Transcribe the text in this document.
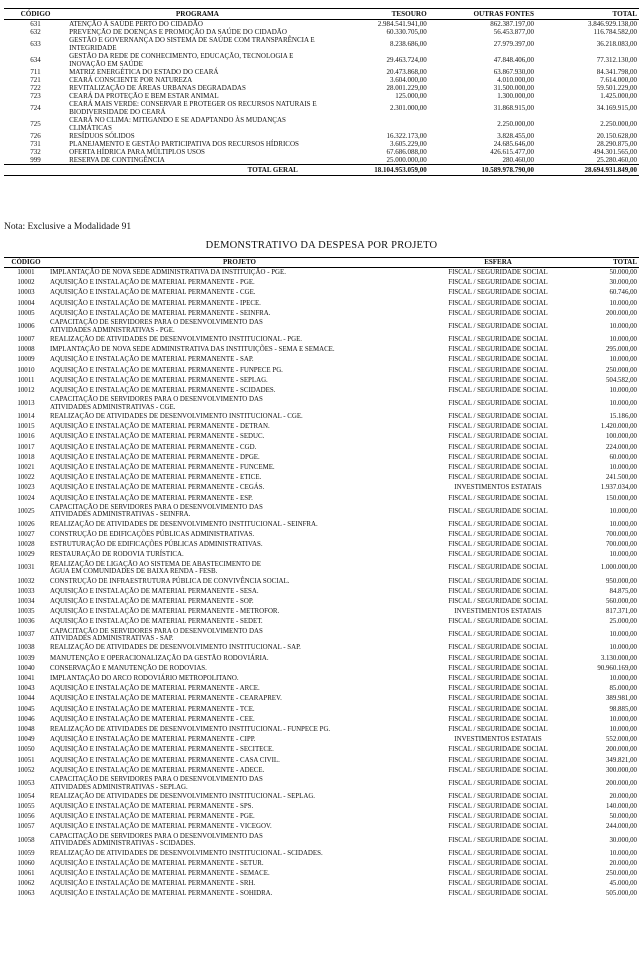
CÓDIGO	PROGRAMA	TESOURO	OUTRAS FONTES	TOTAL
631	ATENÇÃO À SAÚDE PERTO DO CIDADÃO	2.984.541.941,00	862.387.197,00	3.846.929.138,00
632	PREVENÇÃO DE DOENÇAS E PROMOÇÃO DA SAÚDE DO CIDADÃO	60.330.705,00	56.453.877,00	116.784.582,00
633	GESTÃO E GOVERNANÇA DO SISTEMA DE SAÚDE COM TRANSPARÊNCIA E INTEGRIDADE	8.238.686,00	27.979.397,00	36.218.083,00
634	GESTÃO DA REDE DE CONHECIMENTO, EDUCAÇÃO, TECNOLOGIA E INOVAÇÃO EM SAÚDE	29.463.724,00	47.848.406,00	77.312.130,00
711	MATRIZ ENERGÉTICA DO ESTADO DO CEARÁ	20.473.868,00	63.867.930,00	84.341.798,00
721	CEARÁ CONSCIENTE POR NATUREZA	3.604.000,00	4.010.000,00	7.614.000,00
722	REVITALIZAÇÃO DE ÁREAS URBANAS DEGRADADAS	28.001.229,00	31.500.000,00	59.501.229,00
723	CEARÁ DA PROTEÇÃO E BEM ESTAR ANIMAL	125.000,00	1.300.000,00	1.425.000,00
724	CEARÁ MAIS VERDE: CONSERVAR E PROTEGER OS RECURSOS NATURAIS E BIODIVERSIDADE DO CEARÁ	2.301.000,00	31.868.915,00	34.169.915,00
725	CEARÁ NO CLIMA: MITIGANDO E SE ADAPTANDO ÀS MUDANÇAS CLIMÁTICAS		2.250.000,00	2.250.000,00
726	RESÍDUOS SÓLIDOS	16.322.173,00	3.828.455,00	20.150.628,00
731	PLANEJAMENTO E GESTÃO PARTICIPATIVA DOS RECURSOS HÍDRICOS	3.605.229,00	24.685.646,00	28.290.875,00
732	OFERTA HÍDRICA PARA MÚLTIPLOS USOS	67.686.088,00	426.615.477,00	494.301.565,00
999	RESERVA DE CONTINGÊNCIA	25.000.000,00	280.460,00	25.280.460,00
	TOTAL GERAL	18.104.953.059,00	10.589.978.790,00	28.694.931.849,00
Nota: Exclusive a Modalidade 91
DEMONSTRATIVO DA DESPESA POR PROJETO
CÓDIGO	PROJETO	ESFERA	TOTAL
10001	IMPLANTAÇÃO DE NOVA SEDE ADMINISTRATIVA DA INSTITUIÇÃO - PGE.	FISCAL / SEGURIDADE SOCIAL	50.000,00
10002	AQUISIÇÃO E INSTALAÇÃO DE MATERIAL PERMANENTE - PGE.	FISCAL / SEGURIDADE SOCIAL	30.000,00
10003	AQUISIÇÃO E INSTALAÇÃO DE MATERIAL PERMANENTE - CGE.	FISCAL / SEGURIDADE SOCIAL	60.746,00
10004	AQUISIÇÃO E INSTALAÇÃO DE MATERIAL PERMANENTE - IPECE.	FISCAL / SEGURIDADE SOCIAL	10.000,00
10005	AQUISIÇÃO E INSTALAÇÃO DE MATERIAL PERMANENTE - SEINFRA.	FISCAL / SEGURIDADE SOCIAL	200.000,00
10006	CAPACITAÇÃO DE SERVIDORES PARA O DESENVOLVIMENTO DAS ATIVIDADES ADMINISTRATIVAS - PGE.	FISCAL / SEGURIDADE SOCIAL	10.000,00
10007	REALIZAÇÃO DE ATIVIDADES DE DESENVOLVIMENTO INSTITUCIONAL - PGE.	FISCAL / SEGURIDADE SOCIAL	10.000,00
10008	IMPLANTAÇÃO DE NOVA SEDE ADMINISTRATIVA DAS INSTITUIÇÕES - SEMA E SEMACE.	FISCAL / SEGURIDADE SOCIAL	295.000,00
10009	AQUISIÇÃO E INSTALAÇÃO DE MATERIAL PERMANENTE - SAP.	FISCAL / SEGURIDADE SOCIAL	10.000,00
10010	AQUISIÇÃO E INSTALAÇÃO DE MATERIAL PERMANENTE - FUNPECE PG.	FISCAL / SEGURIDADE SOCIAL	250.000,00
10011	AQUISIÇÃO E INSTALAÇÃO DE MATERIAL PERMANENTE - SEPLAG.	FISCAL / SEGURIDADE SOCIAL	504.582,00
10012	AQUISIÇÃO E INSTALAÇÃO DE MATERIAL PERMANENTE - SCIDADES.	FISCAL / SEGURIDADE SOCIAL	10.000,00
10013	CAPACITAÇÃO DE SERVIDORES PARA O DESENVOLVIMENTO DAS ATIVIDADES ADMINISTRATIVAS - CGE.	FISCAL / SEGURIDADE SOCIAL	10.000,00
10014	REALIZAÇÃO DE ATIVIDADES DE DESENVOLVIMENTO INSTITUCIONAL - CGE.	FISCAL / SEGURIDADE SOCIAL	15.186,00
10015	AQUISIÇÃO E INSTALAÇÃO DE MATERIAL PERMANENTE - DETRAN.	FISCAL / SEGURIDADE SOCIAL	1.420.000,00
10016	AQUISIÇÃO E INSTALAÇÃO DE MATERIAL PERMANENTE - SEDUC.	FISCAL / SEGURIDADE SOCIAL	100.000,00
10017	AQUISIÇÃO E INSTALAÇÃO DE MATERIAL PERMANENTE - CGD.	FISCAL / SEGURIDADE SOCIAL	224.000,00
10018	AQUISIÇÃO E INSTALAÇÃO DE MATERIAL PERMANENTE - DPGE.	FISCAL / SEGURIDADE SOCIAL	60.000,00
10021	AQUISIÇÃO E INSTALAÇÃO DE MATERIAL PERMANENTE - FUNCEME.	FISCAL / SEGURIDADE SOCIAL	10.000,00
10022	AQUISIÇÃO E INSTALAÇÃO DE MATERIAL PERMANENTE - ETICE.	FISCAL / SEGURIDADE SOCIAL	241.500,00
10023	AQUISIÇÃO E INSTALAÇÃO DE MATERIAL PERMANENTE - CEGÁS.	INVESTIMENTOS ESTATAIS	1.937.034,00
10024	AQUISIÇÃO E INSTALAÇÃO DE MATERIAL PERMANENTE - ESP.	FISCAL / SEGURIDADE SOCIAL	150.000,00
10025	CAPACITAÇÃO DE SERVIDORES PARA O DESENVOLVIMENTO DAS ATIVIDADES ADMINISTRATIVAS - SEINFRA.	FISCAL / SEGURIDADE SOCIAL	10.000,00
10026	REALIZAÇÃO DE ATIVIDADES DE DESENVOLVIMENTO INSTITUCIONAL - SEINFRA.	FISCAL / SEGURIDADE SOCIAL	10.000,00
10027	CONSTRUÇÃO DE EDIFICAÇÕES PÚBLICAS ADMINISTRATIVAS.	FISCAL / SEGURIDADE SOCIAL	700.000,00
10028	ESTRUTURAÇÃO DE EDIFICAÇÕES PÚBLICAS ADMINISTRATIVAS.	FISCAL / SEGURIDADE SOCIAL	700.000,00
10029	RESTAURAÇÃO DE RODOVIA TURÍSTICA.	FISCAL / SEGURIDADE SOCIAL	10.000,00
10031	REALIZAÇÃO DE LIGAÇÃO AO SISTEMA DE ABASTECIMENTO DE ÁGUA EM COMUNIDADES DE BAIXA RENDA - FESB.	FISCAL / SEGURIDADE SOCIAL	1.000.000,00
10032	CONSTRUÇÃO DE INFRAESTRUTURA PÚBLICA DE CONVIVÊNCIA SOCIAL.	FISCAL / SEGURIDADE SOCIAL	950.000,00
10033	AQUISIÇÃO E INSTALAÇÃO DE MATERIAL PERMANENTE - SESA.	FISCAL / SEGURIDADE SOCIAL	84.875,00
10034	AQUISIÇÃO E INSTALAÇÃO DE MATERIAL PERMANENTE - SOP.	FISCAL / SEGURIDADE SOCIAL	560.000,00
10035	AQUISIÇÃO E INSTALAÇÃO DE MATERIAL PERMANENTE - METROFOR.	INVESTIMENTOS ESTATAIS	817.371,00
10036	AQUISIÇÃO E INSTALAÇÃO DE MATERIAL PERMANENTE - SEDET.	FISCAL / SEGURIDADE SOCIAL	25.000,00
10037	CAPACITAÇÃO DE SERVIDORES PARA O DESENVOLVIMENTO DAS ATIVIDADES ADMINISTRATIVAS - SAP.	FISCAL / SEGURIDADE SOCIAL	10.000,00
10038	REALIZAÇÃO DE ATIVIDADES DE DESENVOLVIMENTO INSTITUCIONAL - SAP.	FISCAL / SEGURIDADE SOCIAL	10.000,00
10039	MANUTENÇÃO E OPERACIONALIZAÇÃO DA GESTÃO RODOVIÁRIA.	FISCAL / SEGURIDADE SOCIAL	3.130.000,00
10040	CONSERVAÇÃO E MANUTENÇÃO DE RODOVIAS.	FISCAL / SEGURIDADE SOCIAL	90.960.169,00
10041	IMPLANTAÇÃO DO ARCO RODOVIÁRIO METROPOLITANO.	FISCAL / SEGURIDADE SOCIAL	10.000,00
10043	AQUISIÇÃO E INSTALAÇÃO DE MATERIAL PERMANENTE - ARCE.	FISCAL / SEGURIDADE SOCIAL	85.000,00
10044	AQUISIÇÃO E INSTALAÇÃO DE MATERIAL PERMANENTE - CEARAPREV.	FISCAL / SEGURIDADE SOCIAL	389.981,00
10045	AQUISIÇÃO E INSTALAÇÃO DE MATERIAL PERMANENTE - TCE.	FISCAL / SEGURIDADE SOCIAL	98.885,00
10046	AQUISIÇÃO E INSTALAÇÃO DE MATERIAL PERMANENTE - CEE.	FISCAL / SEGURIDADE SOCIAL	10.000,00
10048	REALIZAÇÃO DE ATIVIDADES DE DESENVOLVIMENTO INSTITUCIONAL - FUNPECE PG.	FISCAL / SEGURIDADE SOCIAL	10.000,00
10049	AQUISIÇÃO E INSTALAÇÃO DE MATERIAL PERMANENTE - CIPP.	INVESTIMENTOS ESTATAIS	552.000,00
10050	AQUISIÇÃO E INSTALAÇÃO DE MATERIAL PERMANENTE - SECITECE.	FISCAL / SEGURIDADE SOCIAL	200.000,00
10051	AQUISIÇÃO E INSTALAÇÃO DE MATERIAL PERMANENTE - CASA CIVIL.	FISCAL / SEGURIDADE SOCIAL	349.821,00
10052	AQUISIÇÃO E INSTALAÇÃO DE MATERIAL PERMANENTE - ADECE.	FISCAL / SEGURIDADE SOCIAL	300.000,00
10053	CAPACITAÇÃO DE SERVIDORES PARA O DESENVOLVIMENTO DAS ATIVIDADES ADMINISTRATIVAS - SEPLAG.	FISCAL / SEGURIDADE SOCIAL	200.000,00
10054	REALIZAÇÃO DE ATIVIDADES DE DESENVOLVIMENTO INSTITUCIONAL - SEPLAG.	FISCAL / SEGURIDADE SOCIAL	20.000,00
10055	AQUISIÇÃO E INSTALAÇÃO DE MATERIAL PERMANENTE - SPS.	FISCAL / SEGURIDADE SOCIAL	140.000,00
10056	AQUISIÇÃO E INSTALAÇÃO DE MATERIAL PERMANENTE - PGE.	FISCAL / SEGURIDADE SOCIAL	50.000,00
10057	AQUISIÇÃO E INSTALAÇÃO DE MATERIAL PERMANENTE - VICEGOV.	FISCAL / SEGURIDADE SOCIAL	244.000,00
10058	CAPACITAÇÃO DE SERVIDORES PARA O DESENVOLVIMENTO DAS ATIVIDADES ADMINISTRATIVAS - SCIDADES.	FISCAL / SEGURIDADE SOCIAL	30.000,00
10059	REALIZAÇÃO DE ATIVIDADES DE DESENVOLVIMENTO INSTITUCIONAL - SCIDADES.	FISCAL / SEGURIDADE SOCIAL	10.000,00
10060	AQUISIÇÃO E INSTALAÇÃO DE MATERIAL PERMANENTE - SETUR.	FISCAL / SEGURIDADE SOCIAL	20.000,00
10061	AQUISIÇÃO E INSTALAÇÃO DE MATERIAL PERMANENTE - SEMACE.	FISCAL / SEGURIDADE SOCIAL	250.000,00
10062	AQUISIÇÃO E INSTALAÇÃO DE MATERIAL PERMANENTE - SRH.	FISCAL / SEGURIDADE SOCIAL	45.000,00
10063	AQUISIÇÃO E INSTALAÇÃO DE MATERIAL PERMANENTE - SOHIDRA.	FISCAL / SEGURIDADE SOCIAL	505.000,00
